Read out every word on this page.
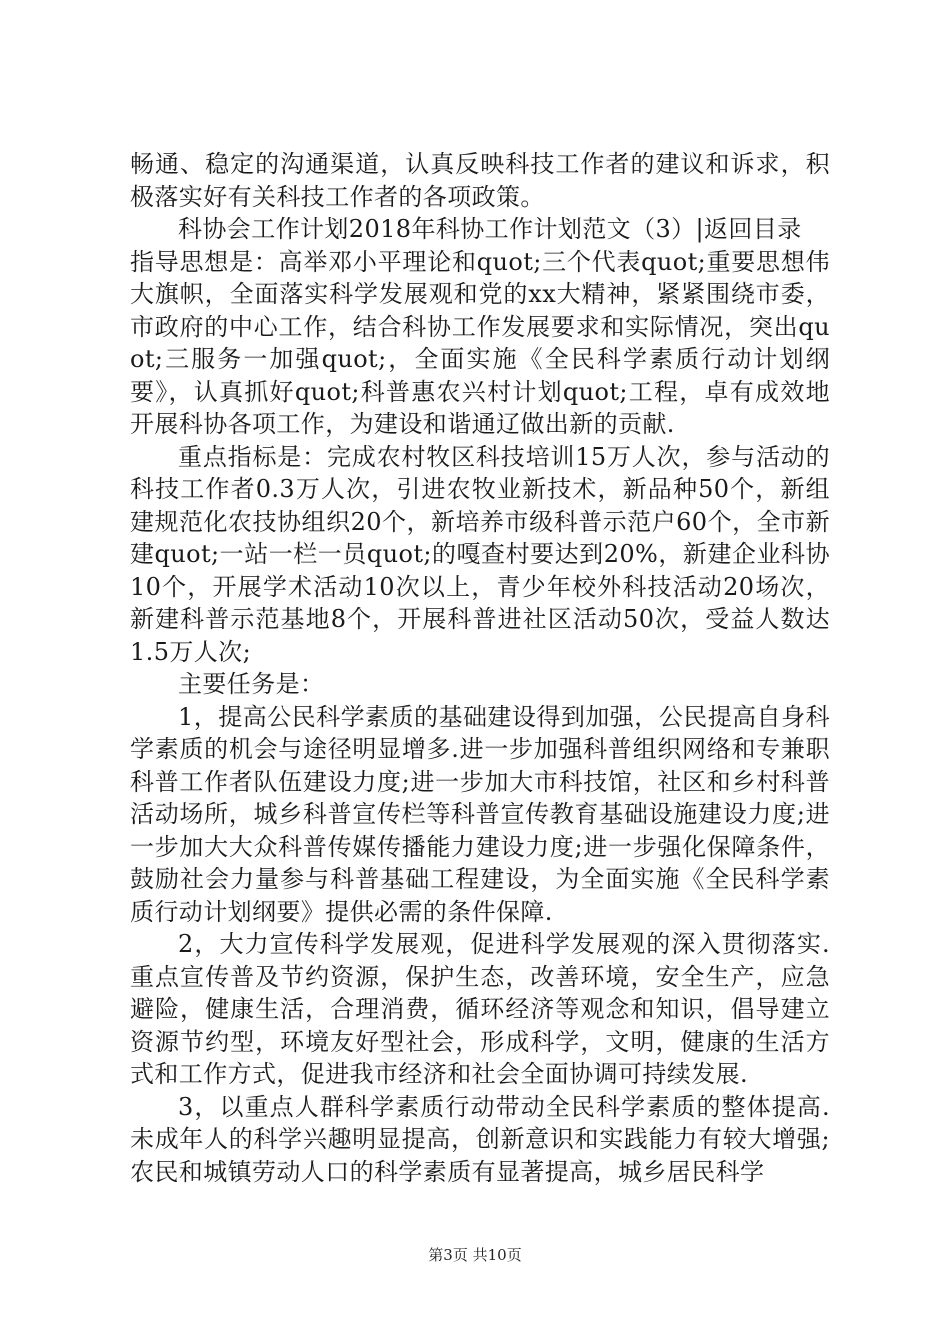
畅通、稳定的沟通渠道，认真反映科技工作者的建议和诉求，积极落实好有关科技工作者的各项政策。

科协会工作计划2018年科协工作计划范文（3）|返回目录

指导思想是：高举邓小平理论和quot;三个代表quot;重要思想伟大旗帜，全面落实科学发展观和党的xx大精神，紧紧围绕市委，市政府的中心工作，结合科协工作发展要求和实际情况，突出quot;三服务一加强quot;，全面实施《全民科学素质行动计划纲要》，认真抓好quot;科普惠农兴村计划quot;工程，卓有成效地开展科协各项工作，为建设和谐通辽做出新的贡献.

重点指标是：完成农村牧区科技培训15万人次，参与活动的科技工作者0.3万人次，引进农牧业新技术，新品种50个，新组建规范化农技协组织20个，新培养市级科普示范户60个，全市新建quot;一站一栏一员quot;的嘎查村要达到20%，新建企业科协10个，开展学术活动10次以上，青少年校外科技活动20场次，新建科普示范基地8个，开展科普进社区活动50次，受益人数达1.5万人次;

主要任务是：

1，提高公民科学素质的基础建设得到加强，公民提高自身科学素质的机会与途径明显增多.进一步加强科普组织网络和专兼职科普工作者队伍建设力度;进一步加大市科技馆，社区和乡村科普活动场所，城乡科普宣传栏等科普宣传教育基础设施建设力度;进一步加大大众科普传媒传播能力建设力度;进一步强化保障条件，鼓励社会力量参与科普基础工程建设，为全面实施《全民科学素质行动计划纲要》提供必需的条件保障.

2，大力宣传科学发展观，促进科学发展观的深入贯彻落实.重点宣传普及节约资源，保护生态，改善环境，安全生产，应急避险，健康生活，合理消费，循环经济等观念和知识，倡导建立资源节约型，环境友好型社会，形成科学，文明，健康的生活方式和工作方式，促进我市经济和社会全面协调可持续发展.

3，以重点人群科学素质行动带动全民科学素质的整体提高.未成年人的科学兴趣明显提高，创新意识和实践能力有较大增强;农民和城镇劳动人口的科学素质有显著提高，城乡居民科学

第3页 共10页
